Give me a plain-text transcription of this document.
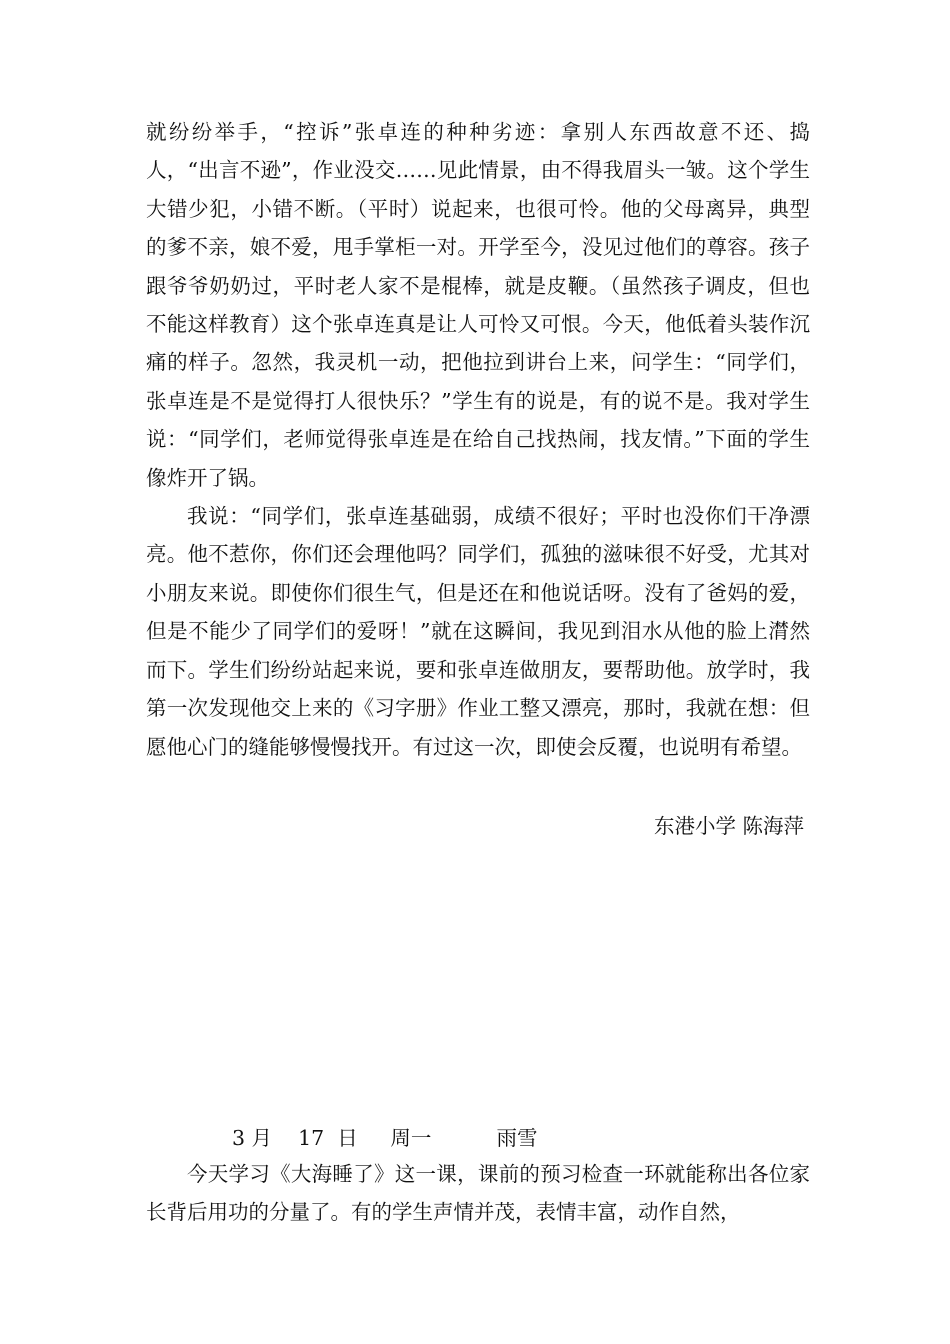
就纷纷举手，“控诉”张卓连的种种劣迹：拿别人东西故意不还、捣人，“出言不逊”，作业没交……见此情景，由不得我眉头一皱。这个学生大错少犯，小错不断。（平时）说起来，也很可怜。他的父母离异，典型的爹不亲，娘不爱，甩手掌柜一对。开学至今，没见过他们的尊容。孩子跟爷爷奶奶过，平时老人家不是棍棒，就是皮鞭。（虽然孩子调皮，但也不能这样教育）这个张卓连真是让人可怜又可恨。今天，他低着头装作沉痛的样子。忽然，我灵机一动，把他拉到讲台上来，问学生：“同学们，张卓连是不是觉得打人很快乐？”学生有的说是，有的说不是。我对学生说：“同学们，老师觉得张卓连是在给自己找热闹，找友情。”下面的学生像炸开了锅。

我说：“同学们，张卓连基础弱，成绩不很好；平时也没你们干净漂亮。他不惹你，你们还会理他吗？同学们，孤独的滋味很不好受，尤其对小朋友来说。即使你们很生气，但是还在和他说话呀。没有了爸妈的爱，但是不能少了同学们的爱呀！”就在这瞬间，我见到泪水从他的脸上潸然而下。学生们纷纷站起来说，要和张卓连做朋友，要帮助他。放学时，我第一次发现他交上来的《习字册》作业工整又漂亮，那时，我就在想：但愿他心门的缝能够慢慢找开。有过这一次，即使会反覆，也说明有希望。

东港小学 陈海萍
3 月    17  日     周一          雨雪

今天学习《大海睡了》这一课，课前的预习检查一环就能称出各位家长背后用功的分量了。有的学生声情并茂，表情丰富，动作自然，
